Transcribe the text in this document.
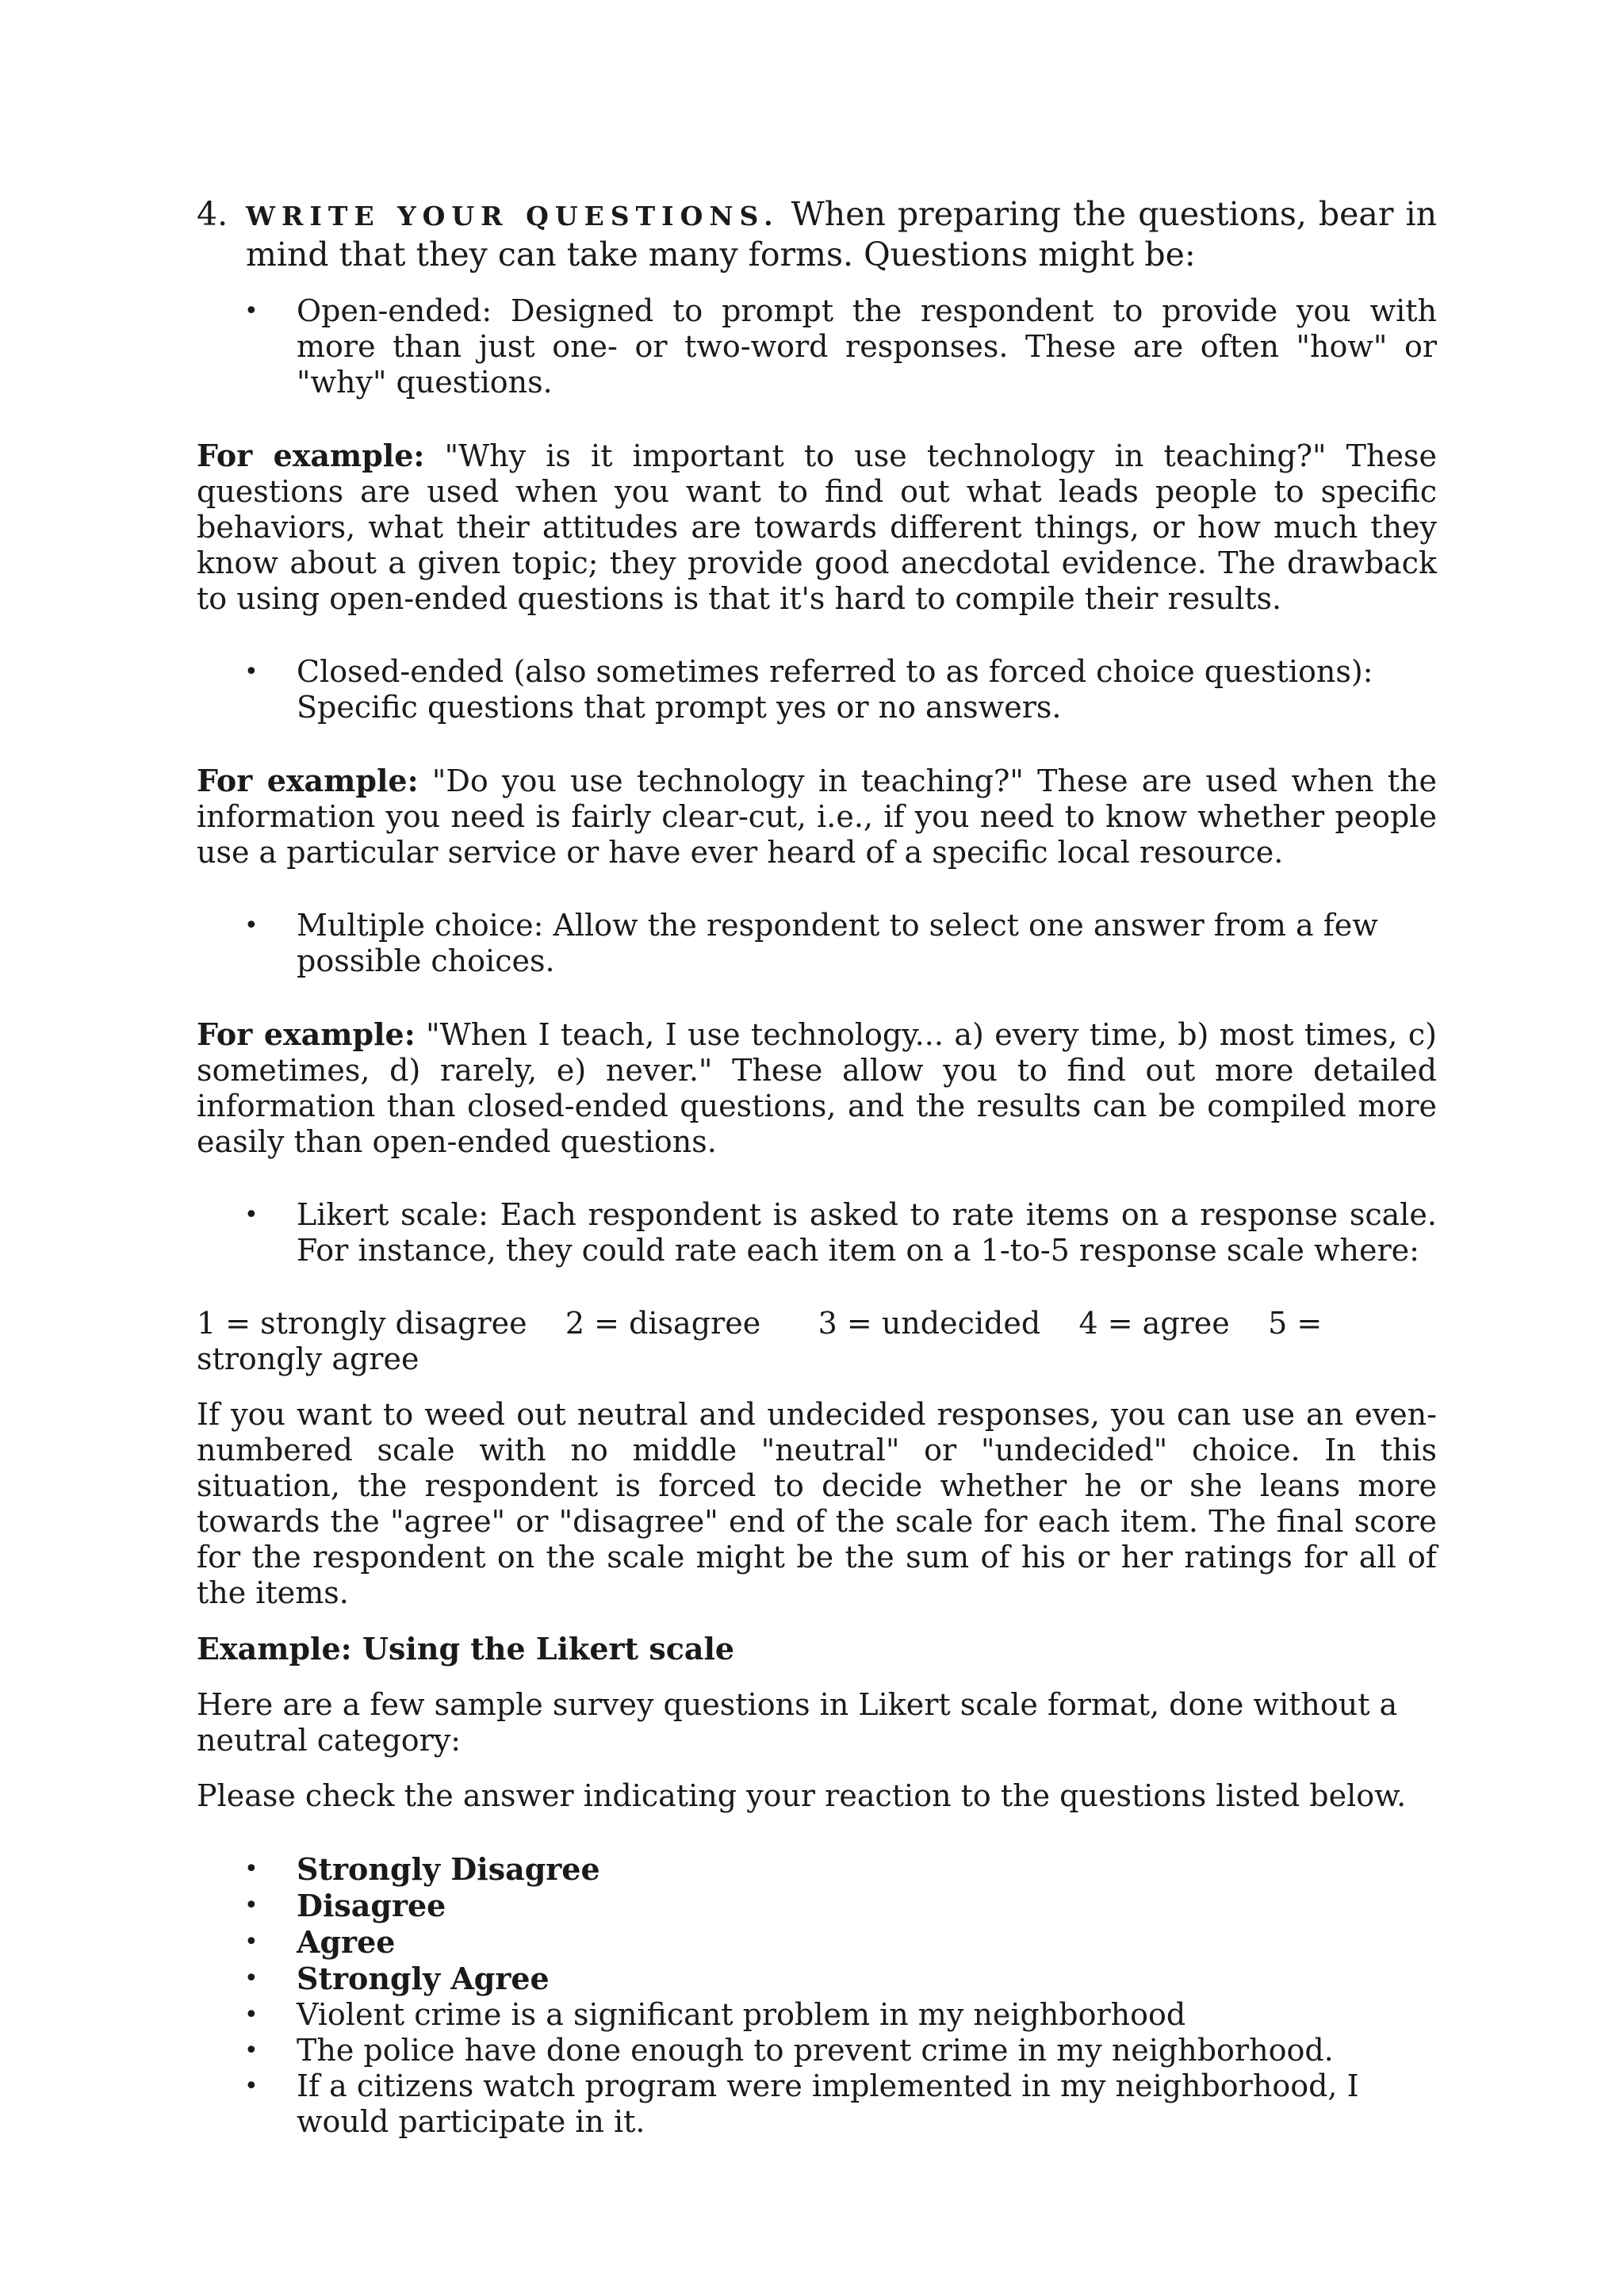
4. WRITE YOUR QUESTIONS. When preparing the questions, bear in mind that they can take many forms. Questions might be:

• Open-ended: Designed to prompt the respondent to provide you with more than just one- or two-word responses. These are often "how" or "why" questions.

For example: "Why is it important to use technology in teaching?" These questions are used when you want to find out what leads people to specific behaviors, what their attitudes are towards different things, or how much they know about a given topic; they provide good anecdotal evidence. The drawback to using open-ended questions is that it's hard to compile their results.

• Closed-ended (also sometimes referred to as forced choice questions): Specific questions that prompt yes or no answers.

For example: "Do you use technology in teaching?" These are used when the information you need is fairly clear-cut, i.e., if you need to know whether people use a particular service or have ever heard of a specific local resource.

• Multiple choice: Allow the respondent to select one answer from a few possible choices.

For example: "When I teach, I use technology... a) every time, b) most times, c) sometimes, d) rarely, e) never." These allow you to find out more detailed information than closed-ended questions, and the results can be compiled more easily than open-ended questions.

• Likert scale: Each respondent is asked to rate items on a response scale. For instance, they could rate each item on a 1-to-5 response scale where:

1 = strongly disagree    2 = disagree      3 = undecided    4 = agree    5 = strongly agree

If you want to weed out neutral and undecided responses, you can use an even-numbered scale with no middle "neutral" or "undecided" choice. In this situation, the respondent is forced to decide whether he or she leans more towards the "agree" or "disagree" end of the scale for each item. The final score for the respondent on the scale might be the sum of his or her ratings for all of the items.

Example: Using the Likert scale

Here are a few sample survey questions in Likert scale format, done without a neutral category:

Please check the answer indicating your reaction to the questions listed below.

• Strongly Disagree
• Disagree
• Agree
• Strongly Agree
• Violent crime is a significant problem in my neighborhood
• The police have done enough to prevent crime in my neighborhood.
• If a citizens watch program were implemented in my neighborhood, I would participate in it.
